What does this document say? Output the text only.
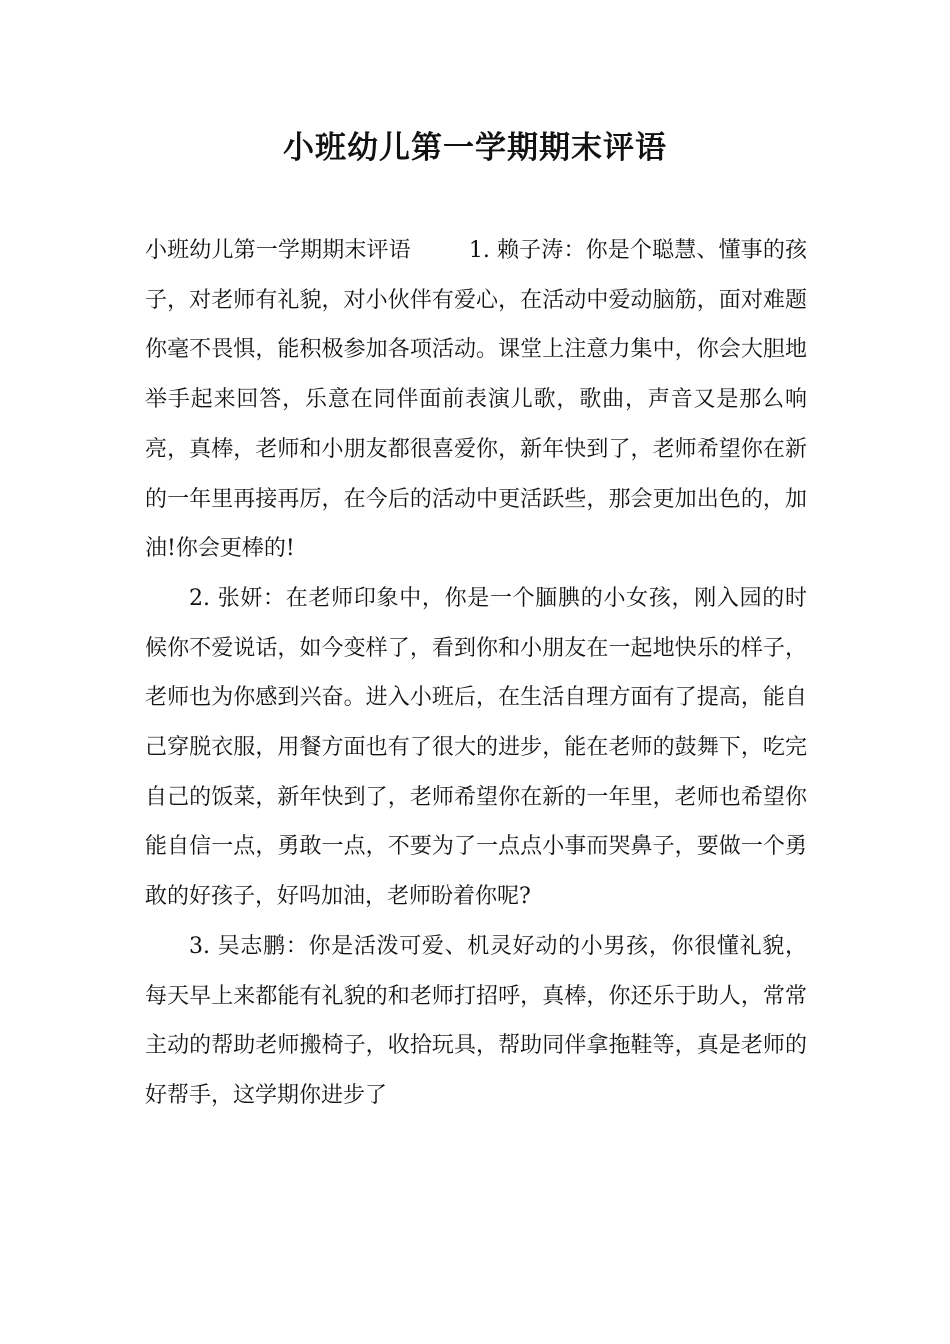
小班幼儿第一学期期末评语

小班幼儿第一学期期末评语	1. 赖子涛：你是个聪慧、懂事的孩子，对老师有礼貌，对小伙伴有爱心，在活动中爱动脑筋，面对难题你毫不畏惧，能积极参加各项活动。课堂上注意力集中，你会大胆地举手起来回答，乐意在同伴面前表演儿歌，歌曲，声音又是那么响亮，真棒，老师和小朋友都很喜爱你，新年快到了，老师希望你在新的一年里再接再厉，在今后的活动中更活跃些，那会更加出色的，加油!你会更棒的!

2. 张妍：在老师印象中，你是一个腼腆的小女孩，刚入园的时候你不爱说话，如今变样了，看到你和小朋友在一起地快乐的样子，老师也为你感到兴奋。进入小班后，在生活自理方面有了提高，能自己穿脱衣服，用餐方面也有了很大的进步，能在老师的鼓舞下，吃完自己的饭菜，新年快到了，老师希望你在新的一年里，老师也希望你能自信一点，勇敢一点，不要为了一点点小事而哭鼻子，要做一个勇敢的好孩子，好吗加油，老师盼着你呢?

3. 吴志鹏：你是活泼可爱、机灵好动的小男孩，你很懂礼貌，每天早上来都能有礼貌的和老师打招呼，真棒，你还乐于助人，常常主动的帮助老师搬椅子，收拾玩具，帮助同伴拿拖鞋等，真是老师的好帮手，这学期你进步了
